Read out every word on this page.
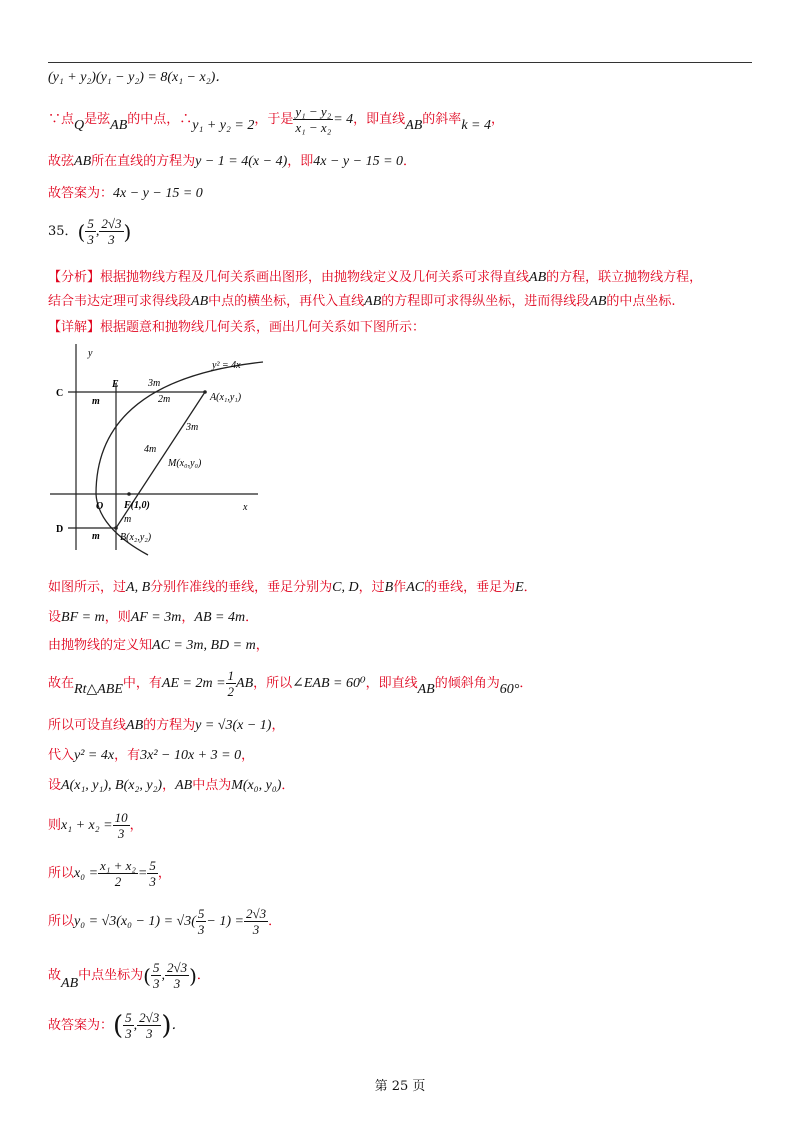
(y₁ + y₂)(y₁ − y₂) = 8(x₁ − x₂)．
∵点Q是弦AB的中点，∴y₁ + y₂ = 2，于是 $\frac{\text{y₁ − y₂}}{\text{x₁ − x₂}} = 4$，即直线AB的斜率k = 4，
故弦AB所在直线的方程为y − 1 = 4(x − 4)，即4x − y − 15 = 0．
故答案为：4x − y − 15 = 0
35．( $\frac{5}{3}$ , $\frac{2√3}{3}$ )
【分析】根据抛物线方程及几何关系画出图形，由抛物线定义及几何关系可求得直线AB的方程，联立抛物线方程，
结合韦达定理可求得线段AB中点的横坐标，再代入直线AB的方程即可求得纵坐标，进而得线段AB的中点坐标.
【详解】根据题意和抛物线几何关系，画出几何关系如下图所示：
y
x
y² = 4x
C
E
D
O
A(x₁,y₁)
M(x₀,y₀)
F(1,0)
B(x₂,y₂)
m
3m
2m
3m
4m
m
m
如图所示，过A, B分别作准线的垂线，垂足分别为C, D，过B作AC的垂线，垂足为E．
设BF = m，则AF = 3m，AB = 4m．
由抛物线的定义知AC = 3m, BD = m，
故在Rt△ABE中，有AE = $2m = \frac{1}{2}$ AB，所以∠EAB = 60⁰，即直线AB的倾斜角为60°．
所以可设直线AB的方程为y = √3(x − 1)，
代入y² = 4x，有3x² − 10x + 3 = 0，
设A(x₁, y₁), B(x₂, y₂)，AB中点为M(x₀, y₀)．
则$x_1 + x_2 = \frac{10}{3}$ ，
所以$x_0 = \frac{\text{x₁ + x₂}}{2} = \frac{5}{3}$ ，
所以$y_0 = √3(x_0 - 1) = √3( \frac{5}{3} - 1) = \frac{2√3}{3}$ ．
故AB中点坐标为( $\frac{5}{3}$ , $\frac{2√3}{3}$ )．
故答案为：( $\frac{5}{3}$ , $\frac{2√3}{3}$ )．
第 25 页
